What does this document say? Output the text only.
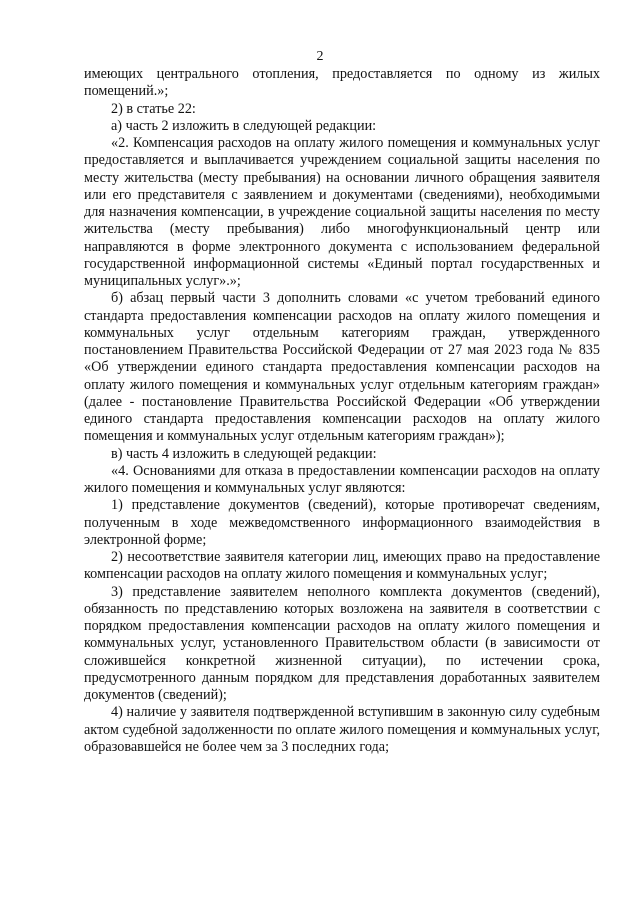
2

имеющих центрального отопления, предоставляется по одному из жилых помещений.»;

2) в статье 22:

а) часть 2 изложить в следующей редакции:

«2. Компенсация расходов на оплату жилого помещения и коммунальных услуг предоставляется и выплачивается учреждением социальной защиты населения по месту жительства (месту пребывания) на основании личного обращения заявителя или его представителя с заявлением и документами (сведениями), необходимыми для назначения компенсации, в учреждение социальной защиты населения по месту жительства (месту пребывания) либо многофункциональный центр или направляются в форме электронного документа с использованием федеральной государственной информационной системы «Единый портал государственных и муниципальных услуг».»;

б) абзац первый части 3 дополнить словами «с учетом требований единого стандарта предоставления компенсации расходов на оплату жилого помещения и коммунальных услуг отдельным категориям граждан, утвержденного постановлением Правительства Российской Федерации от 27 мая 2023 года № 835 «Об утверждении единого стандарта предоставления компенсации расходов на оплату жилого помещения и коммунальных услуг отдельным категориям граждан» (далее - постановление Правительства Российской Федерации «Об утверждении единого стандарта предоставления компенсации расходов на оплату жилого помещения и коммунальных услуг отдельным категориям граждан»);

в) часть 4 изложить в следующей редакции:

«4. Основаниями для отказа в предоставлении компенсации расходов на оплату жилого помещения и коммунальных услуг являются:

1) представление документов (сведений), которые противоречат сведениям, полученным в ходе межведомственного информационного взаимодействия в электронной форме;

2) несоответствие заявителя категории лиц, имеющих право на предоставление компенсации расходов на оплату жилого помещения и коммунальных услуг;

3) представление заявителем неполного комплекта документов (сведений), обязанность по представлению которых возложена на заявителя в соответствии с порядком предоставления компенсации расходов на оплату жилого помещения и коммунальных услуг, установленного Правительством области (в зависимости от сложившейся конкретной жизненной ситуации), по истечении срока, предусмотренного данным порядком для представления доработанных заявителем документов (сведений);

4) наличие у заявителя подтвержденной вступившим в законную силу судебным актом судебной задолженности по оплате жилого помещения и коммунальных услуг, образовавшейся не более чем за 3 последних года;
